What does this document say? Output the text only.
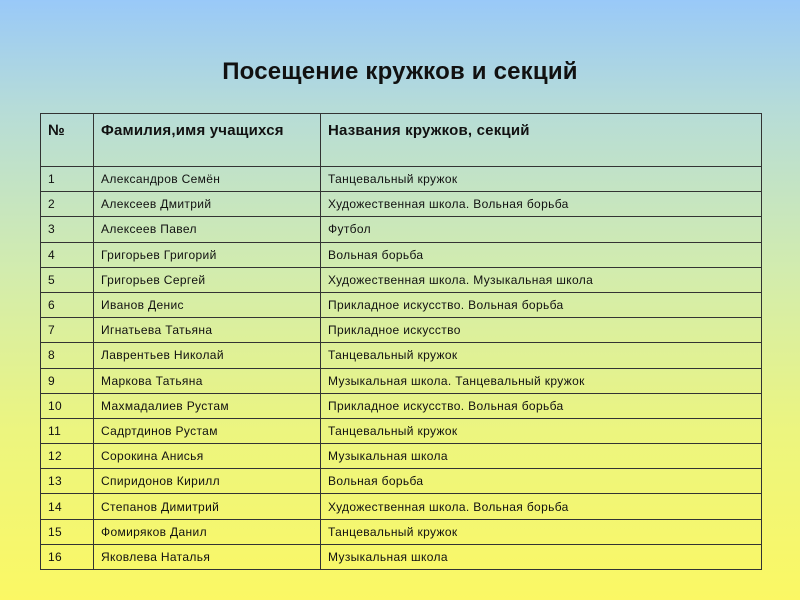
Посещение кружков и секций
№	Фамилия,имя учащихся	Названия кружков, секций
1	Александров Семён	Танцевальный кружок
2	Алексеев Дмитрий	Художественная школа. Вольная борьба
3	Алексеев Павел	Футбол
4	Григорьев Григорий	Вольная борьба
5	Григорьев Сергей	Художественная школа. Музыкальная школа
6	Иванов Денис	Прикладное искусство. Вольная борьба
7	Игнатьева Татьяна	Прикладное искусство
8	Лаврентьев Николай	Танцевальный кружок
9	Маркова Татьяна	Музыкальная школа. Танцевальный кружок
10	Махмадалиев Рустам	Прикладное искусство. Вольная борьба
11	Садртдинов Рустам	Танцевальный кружок
12	Сорокина Анисья	Музыкальная школа
13	Спиридонов Кирилл	Вольная борьба
14	Степанов Димитрий	Художественная школа. Вольная борьба
15	Фомиряков Данил	Танцевальный кружок
16	Яковлева Наталья	Музыкальная школа
